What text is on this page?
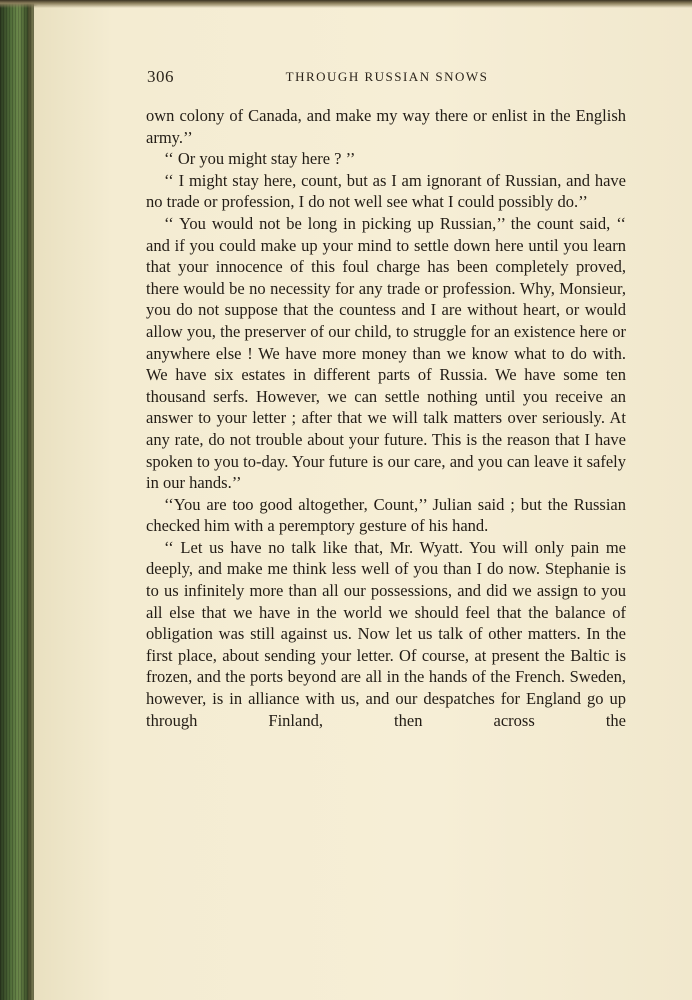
306	THROUGH RUSSIAN SNOWS

own colony of Canada, and make my way there or enlist in the English army.’’

‘‘ Or you might stay here ? ’’

‘‘ I might stay here, count, but as I am ignorant of Russian, and have no trade or profession, I do not well see what I could possibly do.’’

‘‘ You would not be long in picking up Russian,’’ the count said, ‘‘ and if you could make up your mind to settle down here until you learn that your innocence of this foul charge has been completely proved, there would be no necessity for any trade or profession. Why, Monsieur, you do not suppose that the countess and I are without heart, or would allow you, the preserver of our child, to struggle for an existence here or anywhere else ! We have more money than we know what to do with. We have six estates in different parts of Russia. We have some ten thousand serfs. However, we can settle nothing until you receive an answer to your letter ; after that we will talk matters over seriously. At any rate, do not trouble about your future. This is the reason that I have spoken to you to-day. Your future is our care, and you can leave it safely in our hands.’’

‘‘You are too good altogether, Count,’’ Julian said ; but the Russian checked him with a peremptory gesture of his hand.

‘‘ Let us have no talk like that, Mr. Wyatt. You will only pain me deeply, and make me think less well of you than I do now. Stephanie is to us infinitely more than all our possessions, and did we assign to you all else that we have in the world we should feel that the balance of obligation was still against us. Now let us talk of other matters. In the first place, about sending your letter. Of course, at present the Baltic is frozen, and the ports beyond are all in the hands of the French. Sweden, however, is in alliance with us, and our despatches for England go up through Finland, then across the
